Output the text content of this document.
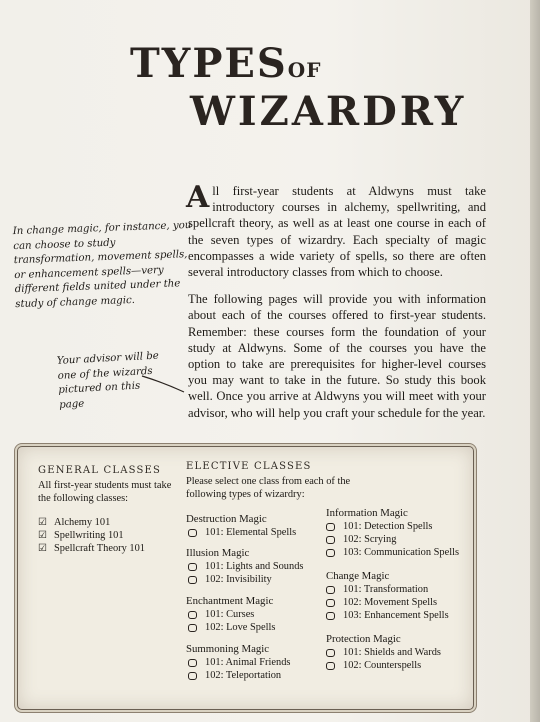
TYPESOF
WIZARDRY

All first-year students at Aldwyns must take introductory courses in alchemy, spellwriting, and spellcraft theory, as well as at least one course in each of the seven types of wizardry. Each specialty of magic encompasses a wide variety of spells, so there are often several introductory classes from which to choose.

The following pages will provide you with information about each of the courses offered to first-year students. Remember: these courses form the foundation of your study at Aldwyns. Some of the courses you have the option to take are prerequisites for higher-level courses you may want to take in the future. So study this book well. Once you arrive at Aldwyns you will meet with your advisor, who will help you craft your schedule for the year.

In change magic, for instance, you can choose to study transformation, movement spells, or enhancement spells—very different fields united under the study of change magic.
Your advisor will be one of the wizards pictured on this page
GENERAL CLASSES
All first-year students must take the following classes:
☑ Alchemy 101
☑ Spellwriting 101
☑ Spellcraft Theory 101
ELECTIVE CLASSES
Please select one class from each of the following types of wizardry:
Destruction Magic
101: Elemental Spells
Illusion Magic
101: Lights and Sounds
102: Invisibility
Enchantment Magic
101: Curses
102: Love Spells
Summoning Magic
101: Animal Friends
102: Teleportation
Information Magic
101: Detection Spells
102: Scrying
103: Communication Spells
Change Magic
101: Transformation
102: Movement Spells
103: Enhancement Spells
Protection Magic
101: Shields and Wards
102: Counterspells
